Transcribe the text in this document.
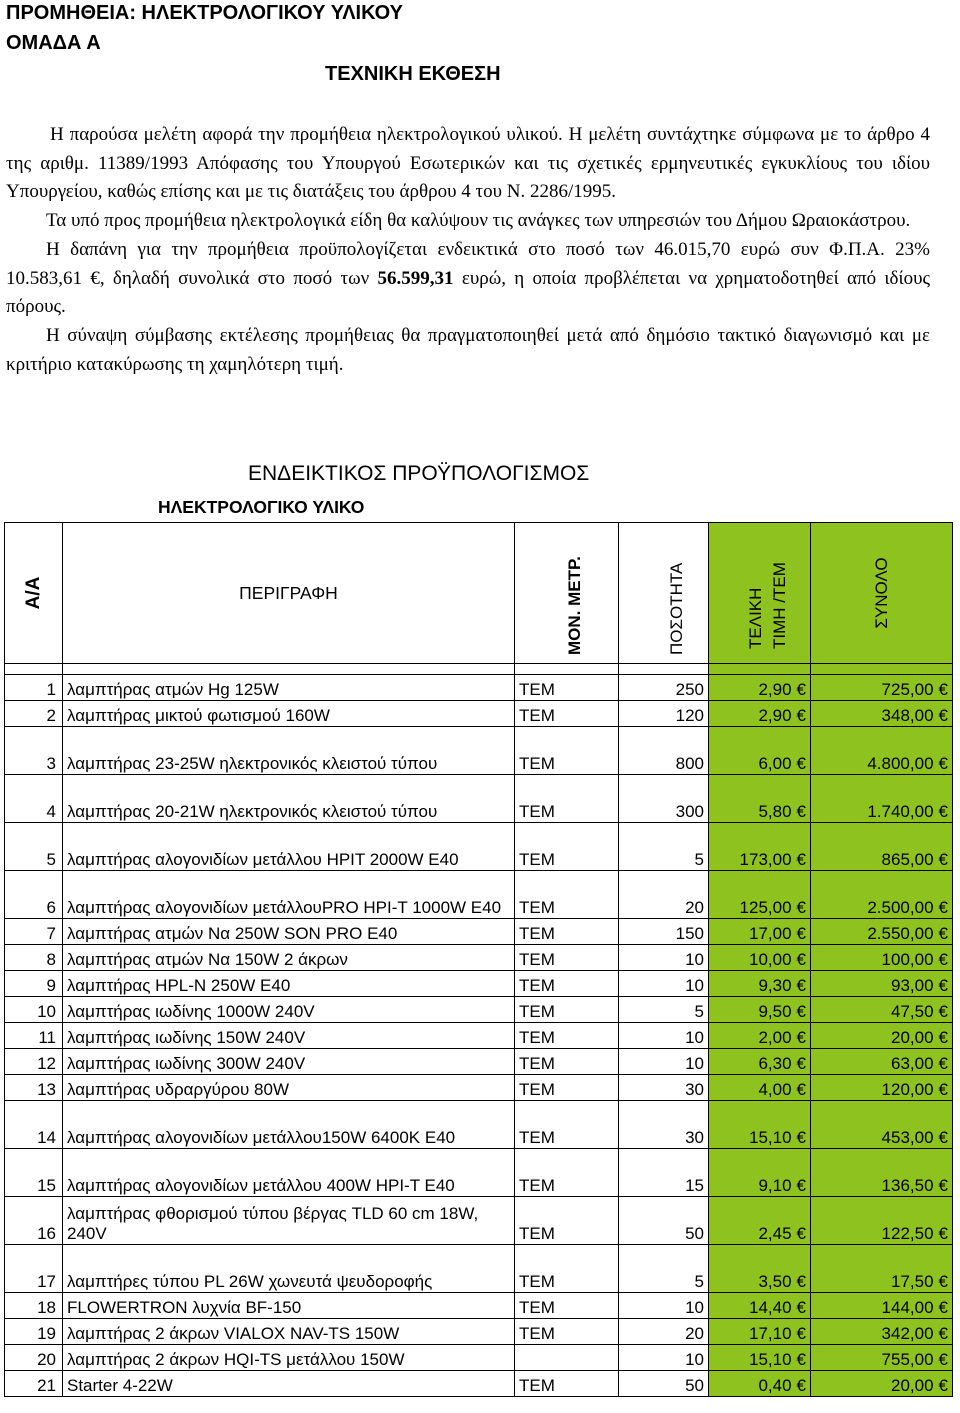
ΠΡΟΜΗΘΕΙΑ: ΗΛΕΚΤΡΟΛΟΓΙΚΟΥ ΥΛΙΚΟΥ
ΟΜΑΔΑ Α
ΤΕΧΝΙΚΗ ΕΚΘΕΣΗ

Η παρούσα μελέτη αφορά την προμήθεια ηλεκτρολογικού υλικού. Η μελέτη συντάχτηκε σύμφωνα με το άρθρο 4 της αριθμ. 11389/1993 Απόφασης του Υπουργού Εσωτερικών και τις σχετικές ερμηνευτικές εγκυκλίους του ιδίου Υπουργείου, καθώς επίσης και με τις διατάξεις του άρθρου 4 του Ν. 2286/1995.

Τα υπό προς προμήθεια ηλεκτρολογικά είδη θα καλύψουν τις ανάγκες των υπηρεσιών του Δήμου Ωραιοκάστρου.

Η δαπάνη για την προμήθεια προϋπολογίζεται ενδεικτικά στο ποσό των 46.015,70 ευρώ συν Φ.Π.Α. 23% 10.583,61 €, δηλαδή συνολικά στο ποσό των 56.599,31 ευρώ, η οποία προβλέπεται να χρηματοδοτηθεί από ιδίους πόρους.

Η σύναψη σύμβασης εκτέλεσης προμήθειας θα πραγματοποιηθεί μετά από δημόσιο τακτικό διαγωνισμό και με κριτήριο κατακύρωσης τη χαμηλότερη τιμή.

ΕΝΔΕΙΚΤΙΚΟΣ ΠΡΟΫΠΟΛΟΓΙΣΜΟΣ
ΗΛΕΚΤΡΟΛΟΓΙΚΟ ΥΛΙΚΟ
Α/Α	ΠΕΡΙΓΡΑΦΗ	ΜΟΝ. ΜΕΤΡ.	ΠΟΣΟΤΗΤΑ	ΤΕΛΙΚΗ ΤΙΜΗ /ΤΕΜ	ΣΥΝΟΛΟ

1	λαμπτήρας ατμών Hg 125W	ΤΕΜ	250	2,90 €	725,00 €
2	λαμπτήρας μικτού φωτισμού 160W	ΤΕΜ	120	2,90 €	348,00 €
3	λαμπτήρας 23-25W ηλεκτρονικός κλειστού τύπου	ΤΕΜ	800	6,00 €	4.800,00 €
4	λαμπτήρας 20-21W ηλεκτρονικός κλειστού τύπου	ΤΕΜ	300	5,80 €	1.740,00 €
5	λαμπτήρας αλογονιδίων μετάλλου HPIT 2000W E40	ΤΕΜ	5	173,00 €	865,00 €
6	λαμπτήρας αλογονιδίων μετάλλουPRO HPI-T 1000W E40	ΤΕΜ	20	125,00 €	2.500,00 €
7	λαμπτήρας ατμών Να 250W SON PRO E40	ΤΕΜ	150	17,00 €	2.550,00 €
8	λαμπτήρας ατμών Να 150W 2 άκρων	ΤΕΜ	10	10,00 €	100,00 €
9	λαμπτήρας HPL-N 250W E40	ΤΕΜ	10	9,30 €	93,00 €
10	λαμπτήρας ιωδίνης 1000W 240V	ΤΕΜ	5	9,50 €	47,50 €
11	λαμπτήρας ιωδίνης 150W 240V	ΤΕΜ	10	2,00 €	20,00 €
12	λαμπτήρας ιωδίνης 300W 240V	ΤΕΜ	10	6,30 €	63,00 €
13	λαμπτήρας υδραργύρου 80W	ΤΕΜ	30	4,00 €	120,00 €
14	λαμπτήρας αλογονιδίων μετάλλου150W 6400K E40	ΤΕΜ	30	15,10 €	453,00 €
15	λαμπτήρας αλογονιδίων μετάλλου 400W HPI-T E40	ΤΕΜ	15	9,10 €	136,50 €
16	λαμπτήρας φθορισμού τύπου βέργας TLD 60 cm 18W, 240V	ΤΕΜ	50	2,45 €	122,50 €
17	λαμπτήρες τύπου PL 26W χωνευτά ψευδοροφής	ΤΕΜ	5	3,50 €	17,50 €
18	FLOWERTRON λυχνία BF-150	ΤΕΜ	10	14,40 €	144,00 €
19	λαμπτήρας 2 άκρων VIALOX NAV-TS 150W	ΤΕΜ	20	17,10 €	342,00 €
20	λαμπτήρας 2 άκρων HQI-TS μετάλλου 150W		10	15,10 €	755,00 €
21	Starter 4-22W	ΤΕΜ	50	0,40 €	20,00 €
